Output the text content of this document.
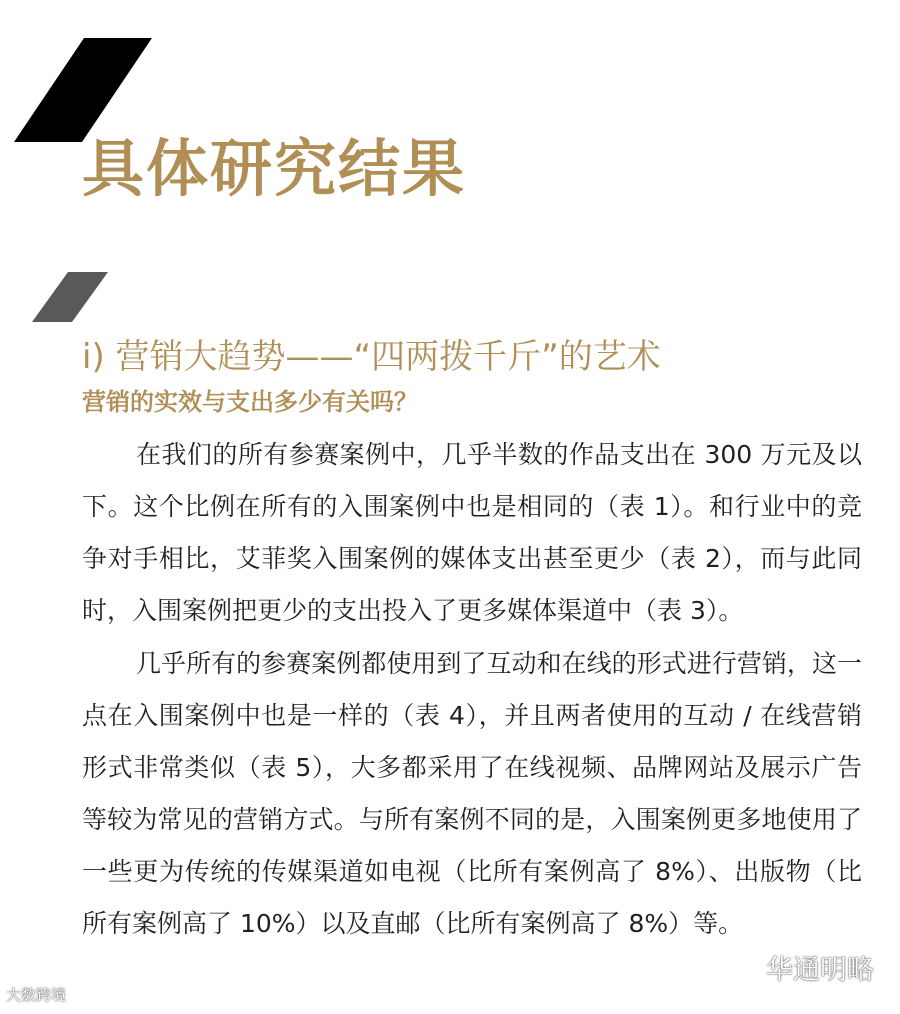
具体研究结果
i) 营销大趋势——“四两拨千斤”的艺术
营销的实效与支出多少有关吗？

在我们的所有参赛案例中，几乎半数的作品支出在 300 万元及以下。这个比例在所有的入围案例中也是相同的（表 1）。和行业中的竞争对手相比，艾菲奖入围案例的媒体支出甚至更少（表 2），而与此同时，入围案例把更少的支出投入了更多媒体渠道中（表 3）。

几乎所有的参赛案例都使用到了互动和在线的形式进行营销，这一点在入围案例中也是一样的（表 4），并且两者使用的互动 / 在线营销形式非常类似（表 5），大多都采用了在线视频、品牌网站及展示广告等较为常见的营销方式。与所有案例不同的是，入围案例更多地使用了一些更为传统的传媒渠道如电视（比所有案例高了 8%）、出版物（比所有案例高了 10%）以及直邮（比所有案例高了 8%）等。

大数跨境
华通明略
